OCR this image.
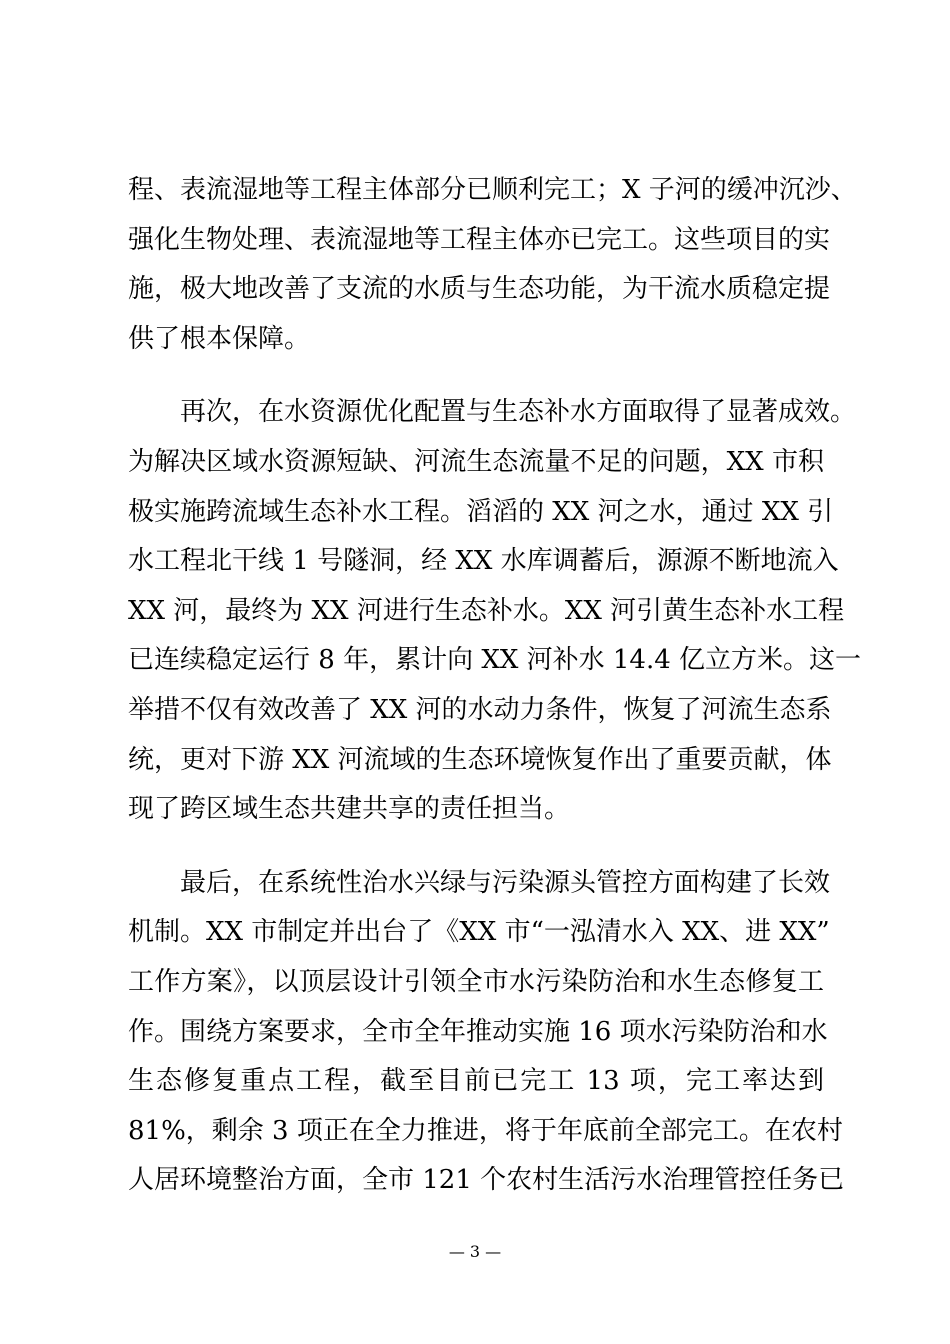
程、表流湿地等工程主体部分已顺利完工；X 子河的缓冲沉沙、
强化生物处理、表流湿地等工程主体亦已完工。这些项目的实
施，极大地改善了支流的水质与生态功能，为干流水质稳定提
供了根本保障。
再次，在水资源优化配置与生态补水方面取得了显著成效。
为解决区域水资源短缺、河流生态流量不足的问题，XX 市积
极实施跨流域生态补水工程。滔滔的 XX 河之水，通过 XX 引
水工程北干线 1 号隧洞，经 XX 水库调蓄后，源源不断地流入
XX 河，最终为 XX 河进行生态补水。XX 河引黄生态补水工程
已连续稳定运行 8 年，累计向 XX 河补水 14.4 亿立方米。这一
举措不仅有效改善了 XX 河的水动力条件，恢复了河流生态系
统，更对下游 XX 河流域的生态环境恢复作出了重要贡献，体
现了跨区域生态共建共享的责任担当。
最后，在系统性治水兴绿与污染源头管控方面构建了长效
机制。XX 市制定并出台了《XX 市“一泓清水入 XX、进 XX”
工作方案》，以顶层设计引领全市水污染防治和水生态修复工
作。围绕方案要求，全市全年推动实施 16 项水污染防治和水
生态修复重点工程，截至目前已完工 13 项，完工率达到
81%，剩余 3 项正在全力推进，将于年底前全部完工。在农村
人居环境整治方面，全市 121 个农村生活污水治理管控任务已
— 3 —
